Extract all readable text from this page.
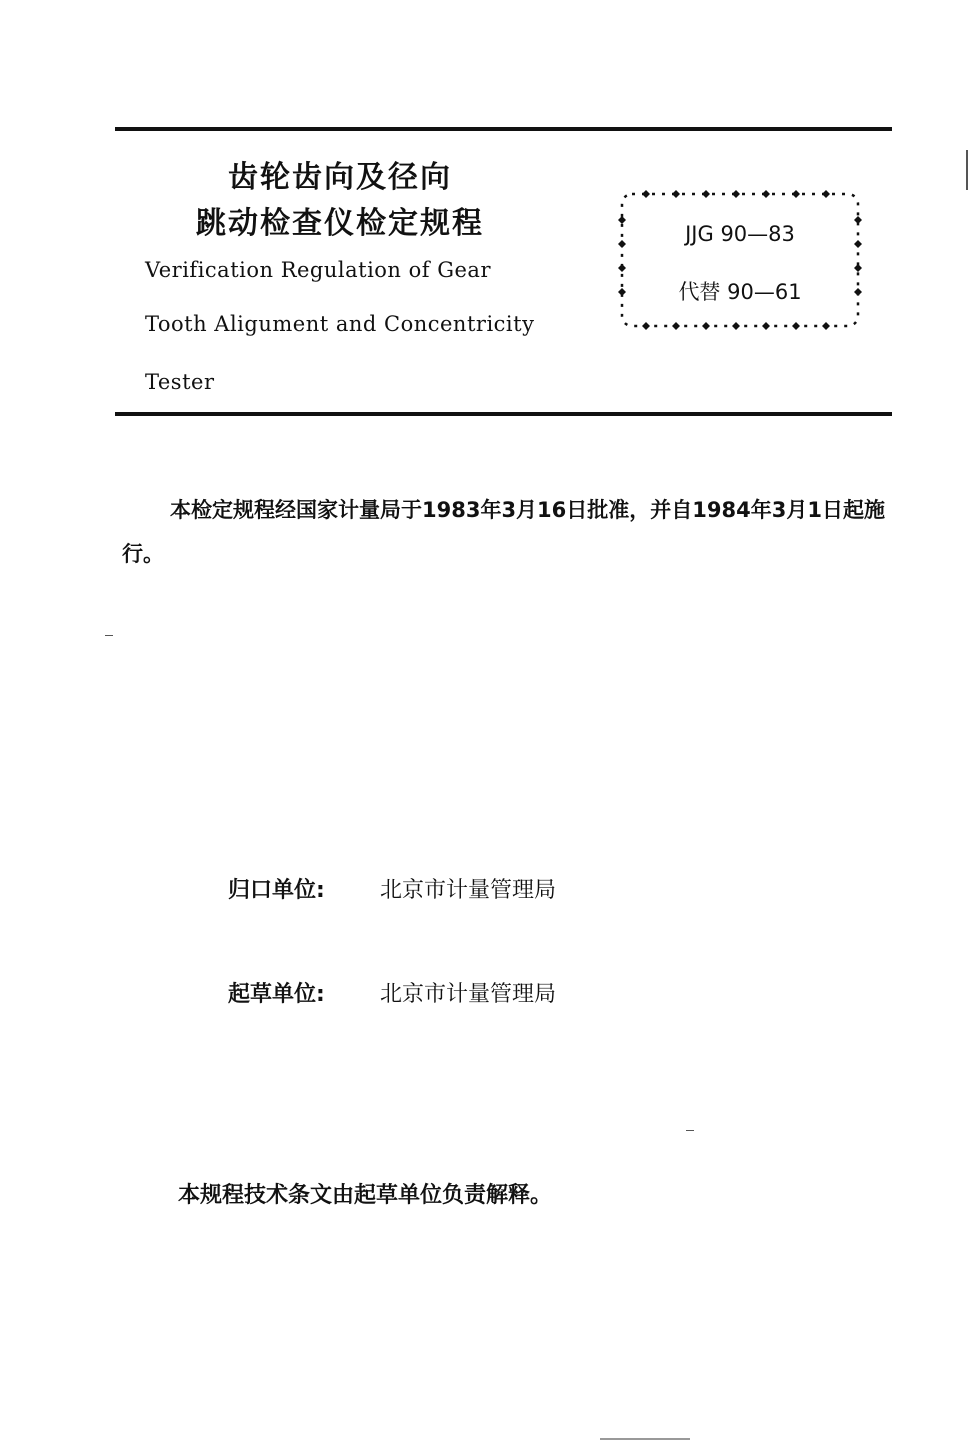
齿轮齿向及径向
跳动检查仪检定规程
Verification Regulation of Gear
Tooth Aligument and Concentricity
Tester
JJG 90—83
代替 90—61
本检定规程经国家计量局于1983年3月16日批准，并自1984年3月1日起施行。
归口单位:	北京市计量管理局
起草单位:	北京市计量管理局
本规程技术条文由起草单位负责解释。
